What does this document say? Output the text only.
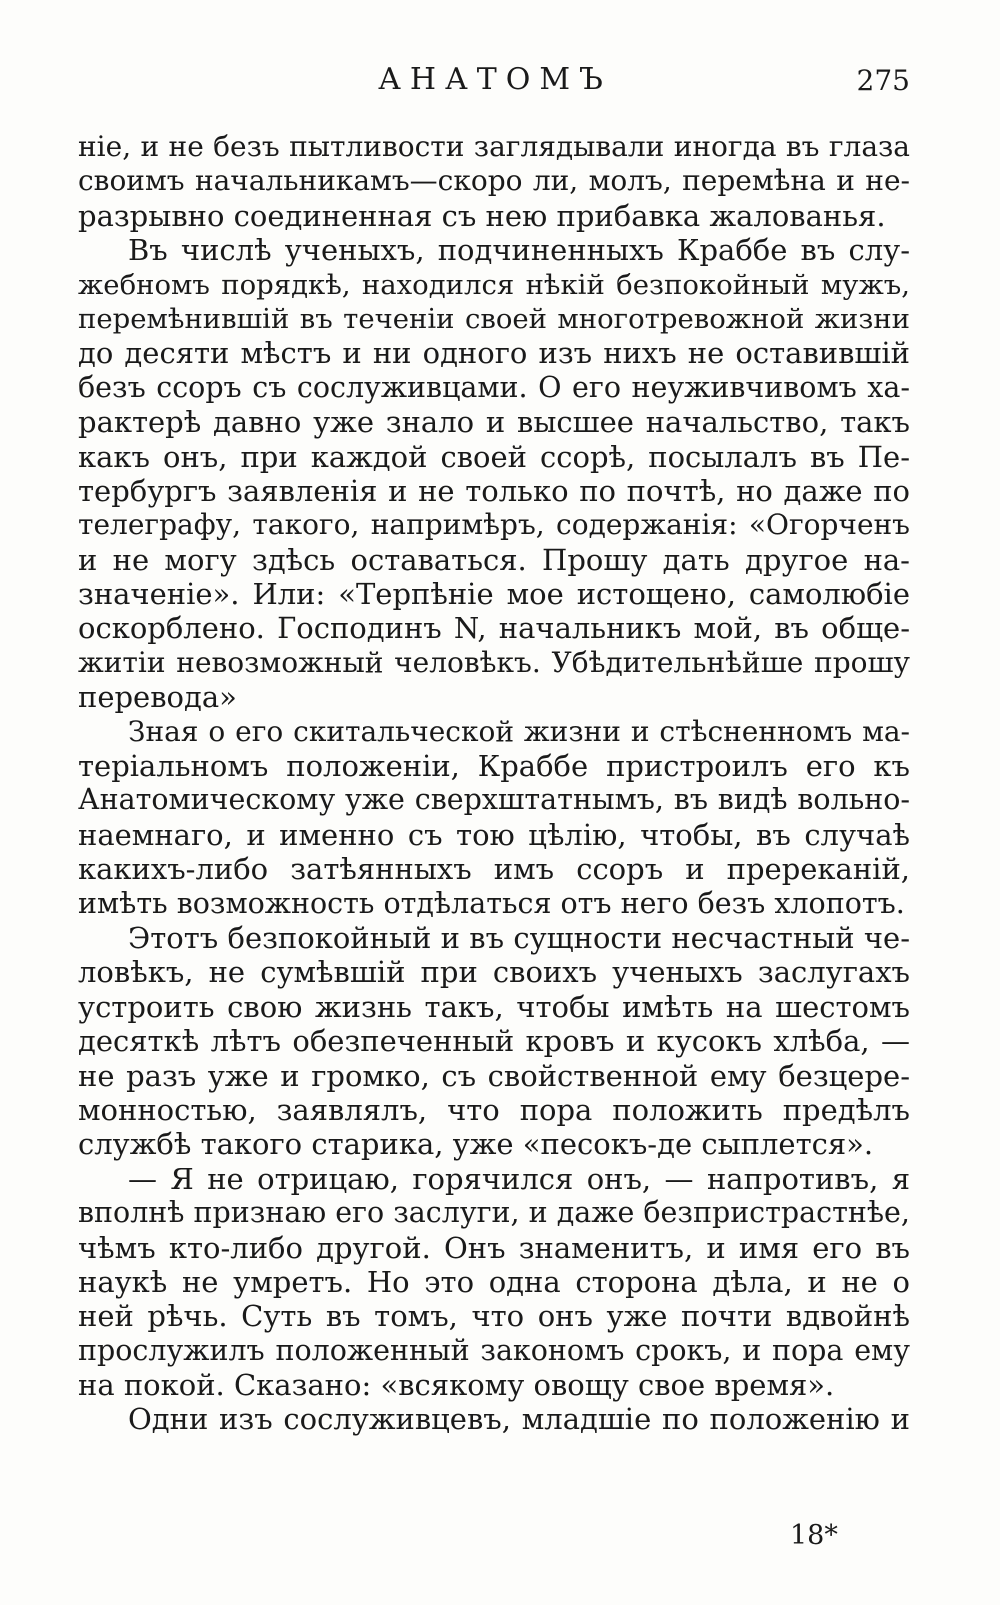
АНАТОМЪ	275
ніе, и не безъ пытливости заглядывали иногда въ глаза
своимъ начальникамъ—скоро ли, молъ, перемѣна и не-
разрывно соединенная съ нею прибавка жалованья.
Въ числѣ ученыхъ, подчиненныхъ Краббе въ слу-
жебномъ порядкѣ, находился нѣкій безпокойный мужъ,
перемѣнившій въ теченіи своей многотревожной жизни
до десяти мѣстъ и ни одного изъ нихъ не оставившій
безъ ссоръ съ сослуживцами. О его неуживчивомъ ха-
рактерѣ давно уже знало и высшее начальство, такъ
какъ онъ, при каждой своей ссорѣ, посылалъ въ Пе-
тербургъ заявленія и не только по почтѣ, но даже по
телеграфу, такого, напримѣръ, содержанія: «Огорченъ
и не могу здѣсь оставаться. Прошу дать другое на-
значеніе». Или: «Терпѣніе мое истощено, самолюбіе
оскорблено. Господинъ N, начальникъ мой, въ обще-
житіи невозможный человѣкъ. Убѣдительнѣйше прошу
перевода»
Зная о его скитальческой жизни и стѣсненномъ ма-
теріальномъ положеніи, Краббе пристроилъ его къ
Анатомическому уже сверхштатнымъ, въ видѣ вольно-
наемнаго, и именно съ тою цѣлію, чтобы, въ случаѣ
какихъ-либо затѣянныхъ имъ ссоръ и пререканій,
имѣть возможность отдѣлаться отъ него безъ хлопотъ.
Этотъ безпокойный и въ сущности несчастный че-
ловѣкъ, не сумѣвшій при своихъ ученыхъ заслугахъ
устроить свою жизнь такъ, чтобы имѣть на шестомъ
десяткѣ лѣтъ обезпеченный кровъ и кусокъ хлѣба, —
не разъ уже и громко, съ свойственной ему безцере-
монностью, заявлялъ, что пора положить предѣлъ
службѣ такого старика, уже «песокъ-де сыплется».
— Я не отрицаю, горячился онъ, — напротивъ, я
вполнѣ признаю его заслуги, и даже безпристрастнѣе,
чѣмъ кто-либо другой. Онъ знаменитъ, и имя его въ
наукѣ не умретъ. Но это одна сторона дѣла, и не о
ней рѣчь. Суть въ томъ, что онъ уже почти вдвойнѣ
прослужилъ положенный закономъ срокъ, и пора ему
на покой. Сказано: «всякому овощу свое время».
Одни изъ сослуживцевъ, младшіе по положенію и
18*
